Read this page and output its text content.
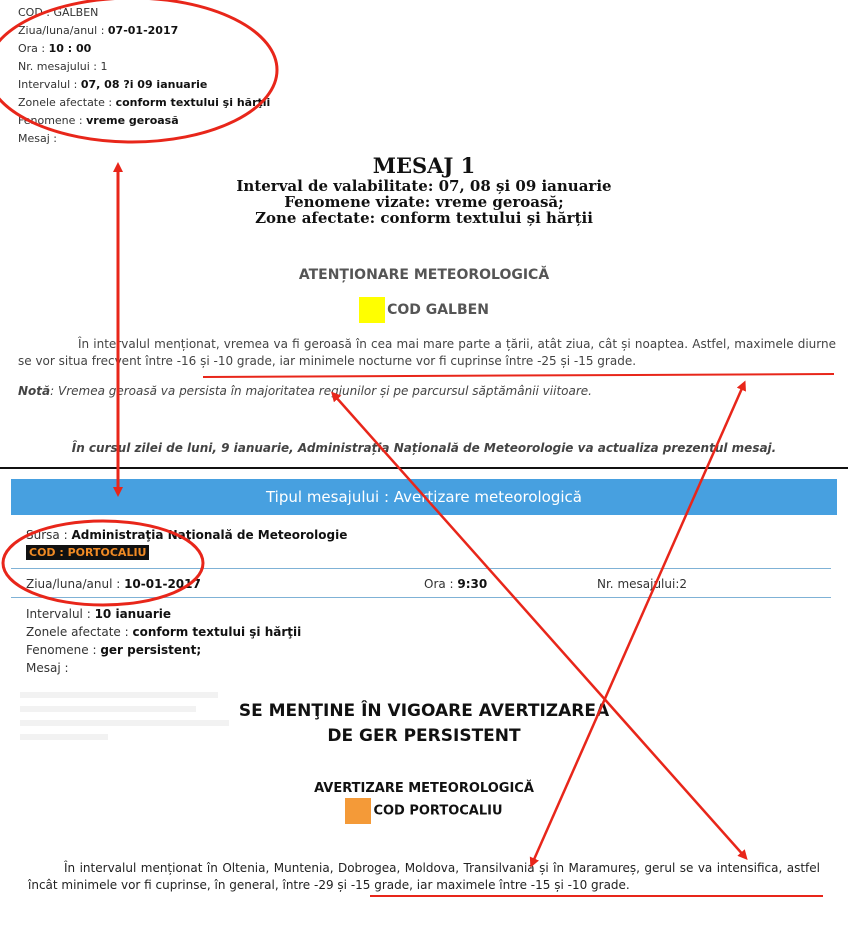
COD : GALBEN
Ziua/luna/anul : 07-01-2017
Ora : 10 : 00
Nr. mesajului : 1
Intervalul : 07, 08 ?i 09 ianuarie
Zonele afectate : conform textului şi hărţii
Fenomene : vreme geroasă
Mesaj :
MESAJ 1
Interval de valabilitate: 07, 08 și 09 ianuarie
Fenomene vizate: vreme geroasă;
Zone afectate: conform textului și hărții
ATENȚIONARE METEOROLOGICĂ
COD GALBEN
În intervalul menționat, vremea va fi geroasă în cea mai mare parte a țării, atât ziua, cât și noaptea. Astfel, maximele diurne se vor situa frecvent între -16 și -10 grade, iar minimele nocturne vor fi cuprinse între -25 și -15 grade.
Notă: Vremea geroasă va persista în majoritatea regiunilor și pe parcursul săptămânii viitoare.
În cursul zilei de luni, 9 ianuarie, Administrația Națională de Meteorologie va actualiza prezentul mesaj.
Tipul mesajului : Avertizare meteorologică
Sursa : Administraţia Naţională de Meteorologie
COD : PORTOCALIU
Ziua/luna/anul : 10-01-2017	Ora : 9:30	Nr. mesajului:2
Intervalul : 10 ianuarie
Zonele afectate : conform textului şi hărţii
Fenomene : ger persistent;
Mesaj :
SE MENŢINE ÎN VIGOARE AVERTIZAREA
DE GER PERSISTENT
AVERTIZARE METEOROLOGICĂ
COD PORTOCALIU
În intervalul menționat în Oltenia, Muntenia, Dobrogea, Moldova, Transilvania și în Maramureș, gerul se va intensifica, astfel încât minimele vor fi cuprinse, în general, între -29 și -15 grade, iar maximele între -15 și -10 grade.
